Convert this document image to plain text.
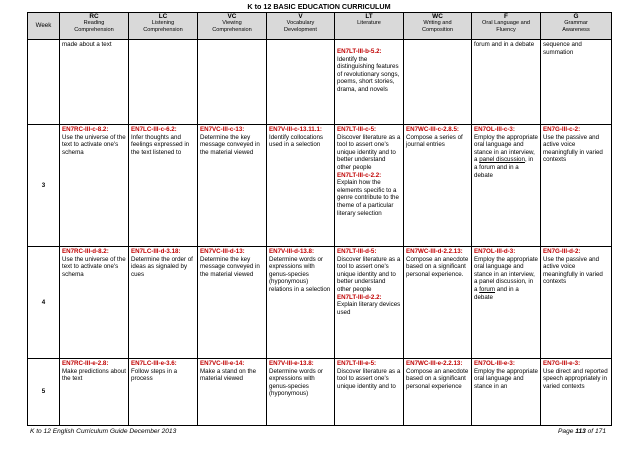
K to 12 BASIC EDUCATION CURRICULUM
Week	RC
Reading
Comprehension	LC
Listening
Comprehension	VC
Viewing
Comprehension	V
Vocabulary
Development	LT
Literature	WC
Writing and
Composition	F
Oral Language and
Fluency	G
Grammar
Awareness

	made about a text				EN7LT-III-b-5.2:
Identify the distinguishing features of revolutionary songs, poems, short stories, drama, and novels		forum and in a debate	sequence and summation
3	EN7RC-III-c-8.2:
Use the universe of the text to activate one's schema	EN7LC-III-c-6.2:
Infer thoughts and feelings expressed in the text listened to	EN7VC-III-c-13:
Determine the key message conveyed in the material viewed	EN7V-III-c-13.11.1: Identify collocations used in a selection	EN7LT-III-c-5:
Discover literature as a tool to assert one's unique identity and to better understand other people
EN7LT-III-c-2.2:
Explain how the elements specific to a genre contribute to the theme of a particular literary selection	EN7WC-III-c-2.8.5: Compose a series of journal entries	EN7OL-III-c-3:
Employ the appropriate oral language and stance in an interview, a panel discussion, in a forum and in a debate	EN7G-III-c-2:
Use the passive and active voice meaningfully in varied contexts
4	EN7RC-III-d-8.2:
Use the universe of the text to activate one's schema	EN7LC-III-d-3.18: Determine the order of ideas as signaled by cues	EN7VC-III-d-13:
Determine the key message conveyed in the material viewed	EN7V-III-d-13.8:
Determine words or expressions with genus-species (hyponymous) relations in a selection	EN7LT-III-d-5:
Discover literature as a tool to assert one's unique identity and to better understand other people
EN7LT-III-d-2.2: Explain literary devices used	EN7WC-III-d-2.2.13: Compose an anecdote based on a significant personal experience.	EN7OL-III-d-3:
Employ the appropriate oral language and stance in an interview, a panel discussion, in a forum and in a debate	EN7G-III-d-2:
Use the passive and active voice meaningfully in varied contexts
5	EN7RC-III-e-2.8:
Make predictions about the text	EN7LC-III-e-3.6:
Follow steps in a process	EN7VC-III-e-14:
Make a stand on the material viewed	EN7V-III-e-13.8:
Determine words or expressions with genus-species (hyponymous)	EN7LT-III-e-5:
Discover literature as a tool to assert one's unique identity and to	EN7WC-III-e-2.2.13: Compose an anecdote based on a significant personal experience	EN7OL-III-e-3:
Employ the appropriate oral language and stance in an	EN7G-III-e-3:
Use direct and reported speech appropriately in varied contexts
K to 12 English Curriculum Guide December 2013	Page 113 of 171
